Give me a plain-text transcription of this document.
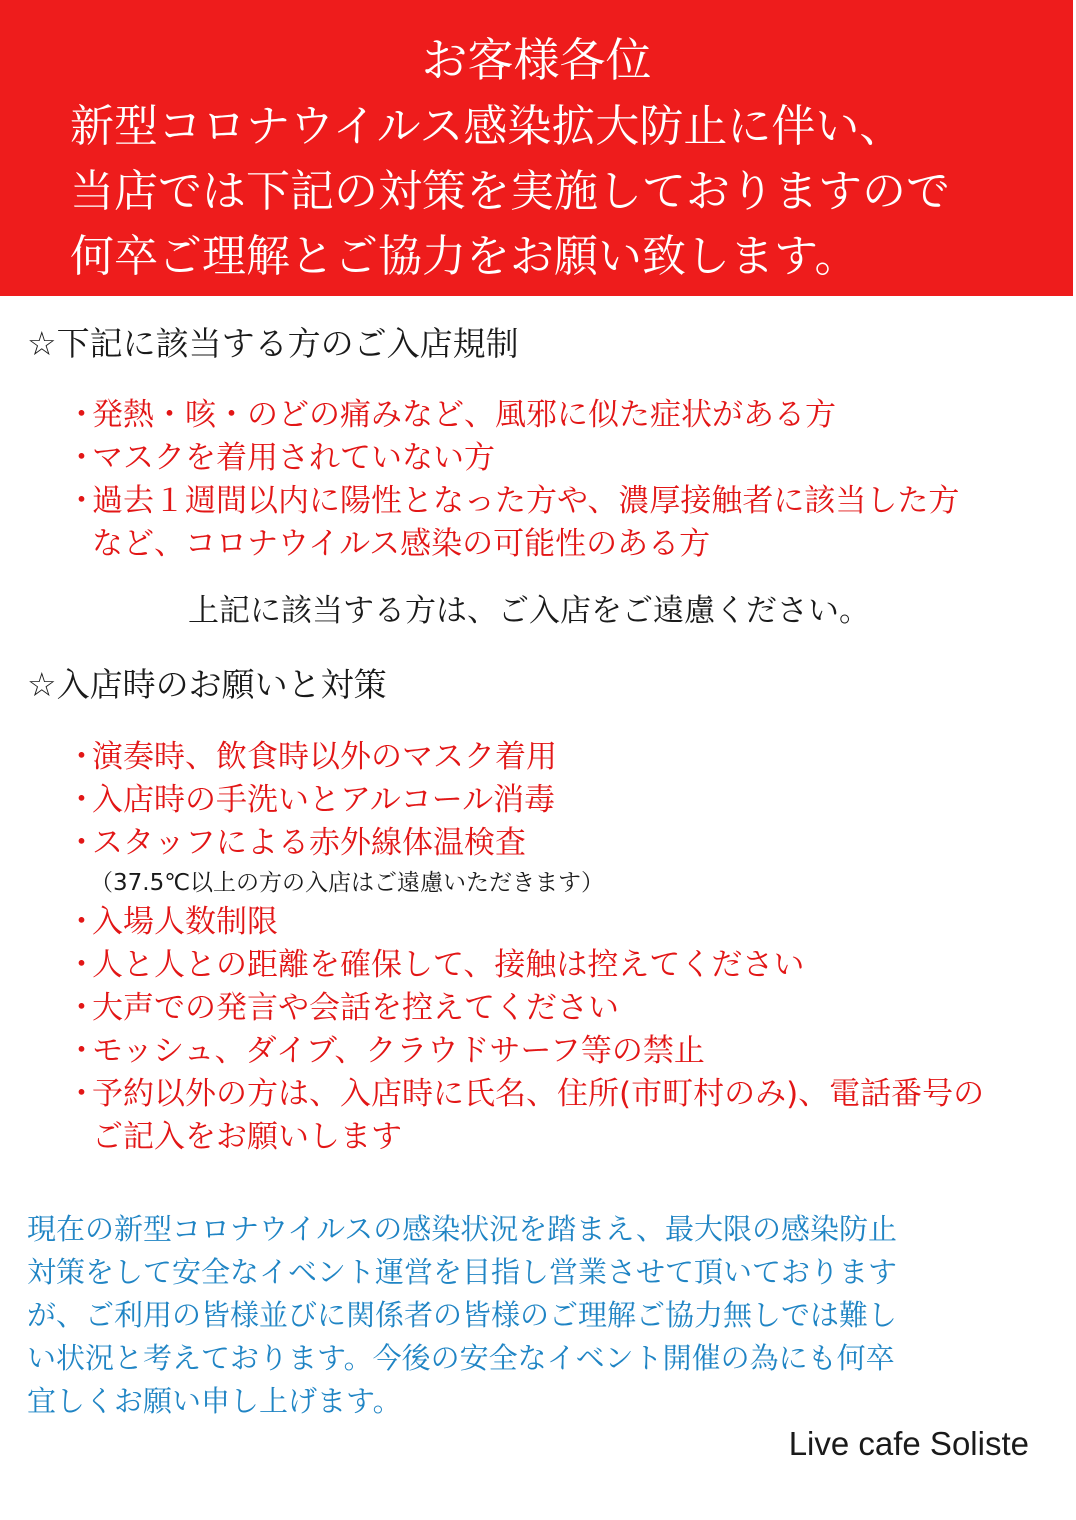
お客様各位
新型コロナウイルス感染拡大防止に伴い、
当店では下記の対策を実施しておりますので
何卒ご理解とご協力をお願い致します。
☆下記に該当する方のご入店規制
・
発熱・咳・のどの痛みなど、風邪に似た症状がある方
・
マスクを着用されていない方
・
過去１週間以内に陽性となった方や、濃厚接触者に該当した方
など、コロナウイルス感染の可能性のある方
上記に該当する方は、ご入店をご遠慮ください。
☆入店時のお願いと対策
・
演奏時、飲食時以外のマスク着用
・
入店時の手洗いとアルコール消毒
・
スタッフによる赤外線体温検査
（37.5℃以上の方の入店はご遠慮いただきます）
・
入場人数制限
・
人と人との距離を確保して、接触は控えてください
・
大声での発言や会話を控えてください
・
モッシュ、ダイブ、クラウドサーフ等の禁止
・
予約以外の方は、入店時に氏名、住所(市町村のみ)、電話番号の
ご記入をお願いします
現在の新型コロナウイルスの感染状況を踏まえ、最大限の感染防止
対策をして安全なイベント運営を目指し営業させて頂いております
が、ご利用の皆様並びに関係者の皆様のご理解ご協力無しでは難し
い状況と考えております。今後の安全なイベント開催の為にも何卒
宜しくお願い申し上げます。
Live cafe Soliste
